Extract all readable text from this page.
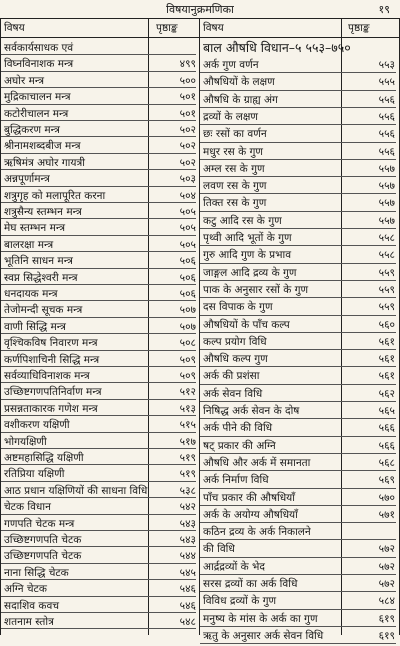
विषयानुक्रमणिका	१९
विषय	पृष्ठाङ्क विषय	पृष्ठाङ्क
सर्वकार्यसाधक एवं
विघ्नविनाशक मन्त्र	४९९
अघोर मन्त्र	५००
मुद्रिकाचालन मन्त्र	५०१
कटोरीचालन मन्त्र	५०१
बुद्धिकरण मन्त्र	५०२
श्रीनामशब्दबीज मन्त्र	५०२
ऋषिमंत्र अघोर गायत्री	५०२
अन्नपूर्णामन्त्र	५०३
शत्रुगृह को मलापूरित करना	५०४
शत्रुसैन्य स्तम्भन मन्त्र	५०५
मेघ स्तम्भन मन्त्र	५०५
बालरक्षा मन्त्र	५०५
भूतिनि साधन मन्त्र	५०६
स्वप्न सिद्धेश्वरी मन्त्र	५०६
धनदायक मन्त्र	५०६
तेजोमन्दी सूचक मन्त्र	५०७
वाणी सिद्धि मन्त्र	५०७
वृश्चिकविष निवारण मन्त्र	५०८
कर्णपिशाचिनी सिद्धि मन्त्र	५०९
सर्वव्याधिविनाशक मन्त्र	५०९
उच्छिष्टगणपतिनिर्वाण मन्त्र	५१२
प्रसन्नताकारक गणेश मन्त्र	५१३
वशीकरण यक्षिणी	५१५
भोगयक्षिणी	५१७
अष्टमहासिद्धि यक्षिणी	५१९
रतिप्रिया यक्षिणी	५१९
आठ प्रधान यक्षिणियों की साधना विधि	५३८
चेटक विधान	५४२
गणपति चेटक मन्त्र	५४३
उच्छिष्टगणपति चेटक	५४३
उच्छिष्टगणपति चेटक	५४४
नाना सिद्धि चेटक	५४५
अग्नि चेटक	५४६
सदाशिव कवच	५४६
शतनाम स्तोत्र	५४८
बाल औषधि विधान–५ ५५३–७५०
अर्क गुण वर्णन	५५३
औषधियों के लक्षण	५५५
औषधि के ग्राह्य अंग	५५६
द्रव्यों के लक्षण	५५६
छः रसों का वर्णन	५५६
मधुर रस के गुण	५५६
अम्ल रस के गुण	५५७
लवण रस के गुण	५५७
तिक्त रस के गुण	५५७
कटु आदि रस के गुण	५५७
पृथ्वी आदि भूतों के गुण	५५८
गुरु आदि गुण के प्रभाव	५५८
जाङ्गल आदि द्रव्य के गुण	५५९
पाक के अनुसार रसों के गुण	५५९
दस विपाक के गुण	५५९
औषधियों के पाँच कल्प	५६०
कल्प प्रयोग विधि	५६१
औषधि कल्प गुण	५६१
अर्क की प्रशंसा	५६१
अर्क सेवन विधि	५६२
निषिद्ध अर्क सेवन के दोष	५६५
अर्क पीने की विधि	५६६
षट् प्रकार की अग्नि	५६६
औषधि और अर्क में समानता	५६८
अर्क निर्माण विधि	५६९
पाँच प्रकार की औषधियाँ	५७०
अर्क के अयोग्य औषधियाँ	५७१
कठिन द्रव्य के अर्क निकालने
की विधि	५७२
आर्द्रद्रव्यों के भेद	५७२
सरस द्रव्यों का अर्क विधि	५७२
विविध द्रव्यों के गुण	५८४
मनुष्य के मांस के अर्क का गुण	६१९
ऋतु के अनुसार अर्क सेवन विधि	६१९
